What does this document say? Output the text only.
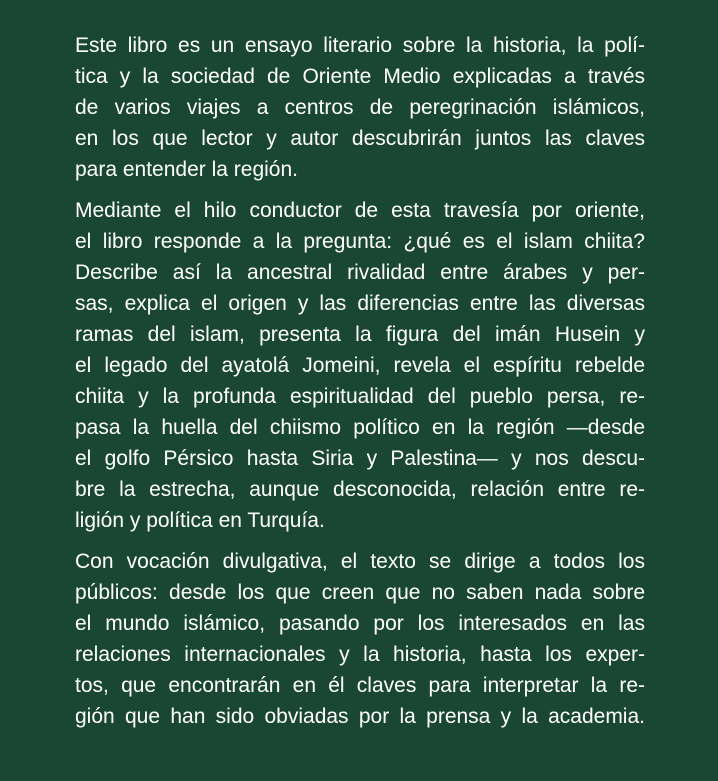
Este libro es un ensayo literario sobre la historia, la polí-
tica y la sociedad de Oriente Medio explicadas a través
de varios viajes a centros de peregrinación islámicos,
en los que lector y autor descubrirán juntos las claves
para entender la región.
Mediante el hilo conductor de esta travesía por oriente,
el libro responde a la pregunta: ¿qué es el islam chiita?
Describe así la ancestral rivalidad entre árabes y per-
sas, explica el origen y las diferencias entre las diversas
ramas del islam, presenta la figura del imán Husein y
el legado del ayatolá Jomeini, revela el espíritu rebelde
chiita y la profunda espiritualidad del pueblo persa, re-
pasa la huella del chiismo político en la región —desde
el golfo Pérsico hasta Siria y Palestina— y nos descu-
bre la estrecha, aunque desconocida, relación entre re-
ligión y política en Turquía.
Con vocación divulgativa, el texto se dirige a todos los
públicos: desde los que creen que no saben nada sobre
el mundo islámico, pasando por los interesados en las
relaciones internacionales y la historia, hasta los exper-
tos, que encontrarán en él claves para interpretar la re-
gión que han sido obviadas por la prensa y la academia.
